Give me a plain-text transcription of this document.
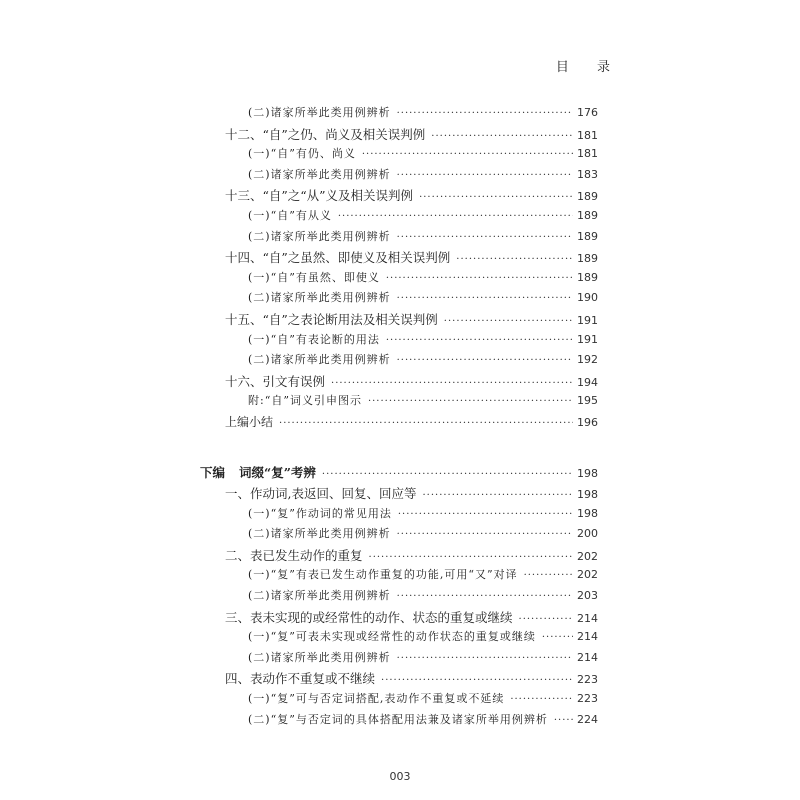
目 录
(二)诸家所举此类用例辨析 ·····	176
十二、“自”之仍、尚义及相关误判例 ·····	181
(一)“自”有仍、尚义 ·····	181
(二)诸家所举此类用例辨析 ·····	183
十三、“自”之“从”义及相关误判例 ·····	189
(一)“自”有从义 ·····	189
(二)诸家所举此类用例辨析 ·····	189
十四、“自”之虽然、即使义及相关误判例 ·····	189
(一)“自”有虽然、即使义 ·····	189
(二)诸家所举此类用例辨析 ·····	190
十五、“自”之表论断用法及相关误判例 ·····	191
(一)“自”有表论断的用法 ·····	191
(二)诸家所举此类用例辨析 ·····	192
十六、引文有误例 ·····	194
附:“自”词义引申图示 ·····	195
上编小结 ·····	196
下编 词缀“复”考辨 ·····	198
一、作动词,表返回、回复、回应等 ·····	198
(一)“复”作动词的常见用法 ·····	198
(二)诸家所举此类用例辨析 ·····	200
二、表已发生动作的重复 ·····	202
(一)“复”有表已发生动作重复的功能,可用“又”对译 ·····	202
(二)诸家所举此类用例辨析 ·····	203
三、表未实现的或经常性的动作、状态的重复或继续 ·····	214
(一)“复”可表未实现或经常性的动作状态的重复或继续 ·····	214
(二)诸家所举此类用例辨析 ·····	214
四、表动作不重复或不继续 ·····	223
(一)“复”可与否定词搭配,表动作不重复或不延续 ·····	223
(二)“复”与否定词的具体搭配用法兼及诸家所举用例辨析 ·····	224
003
